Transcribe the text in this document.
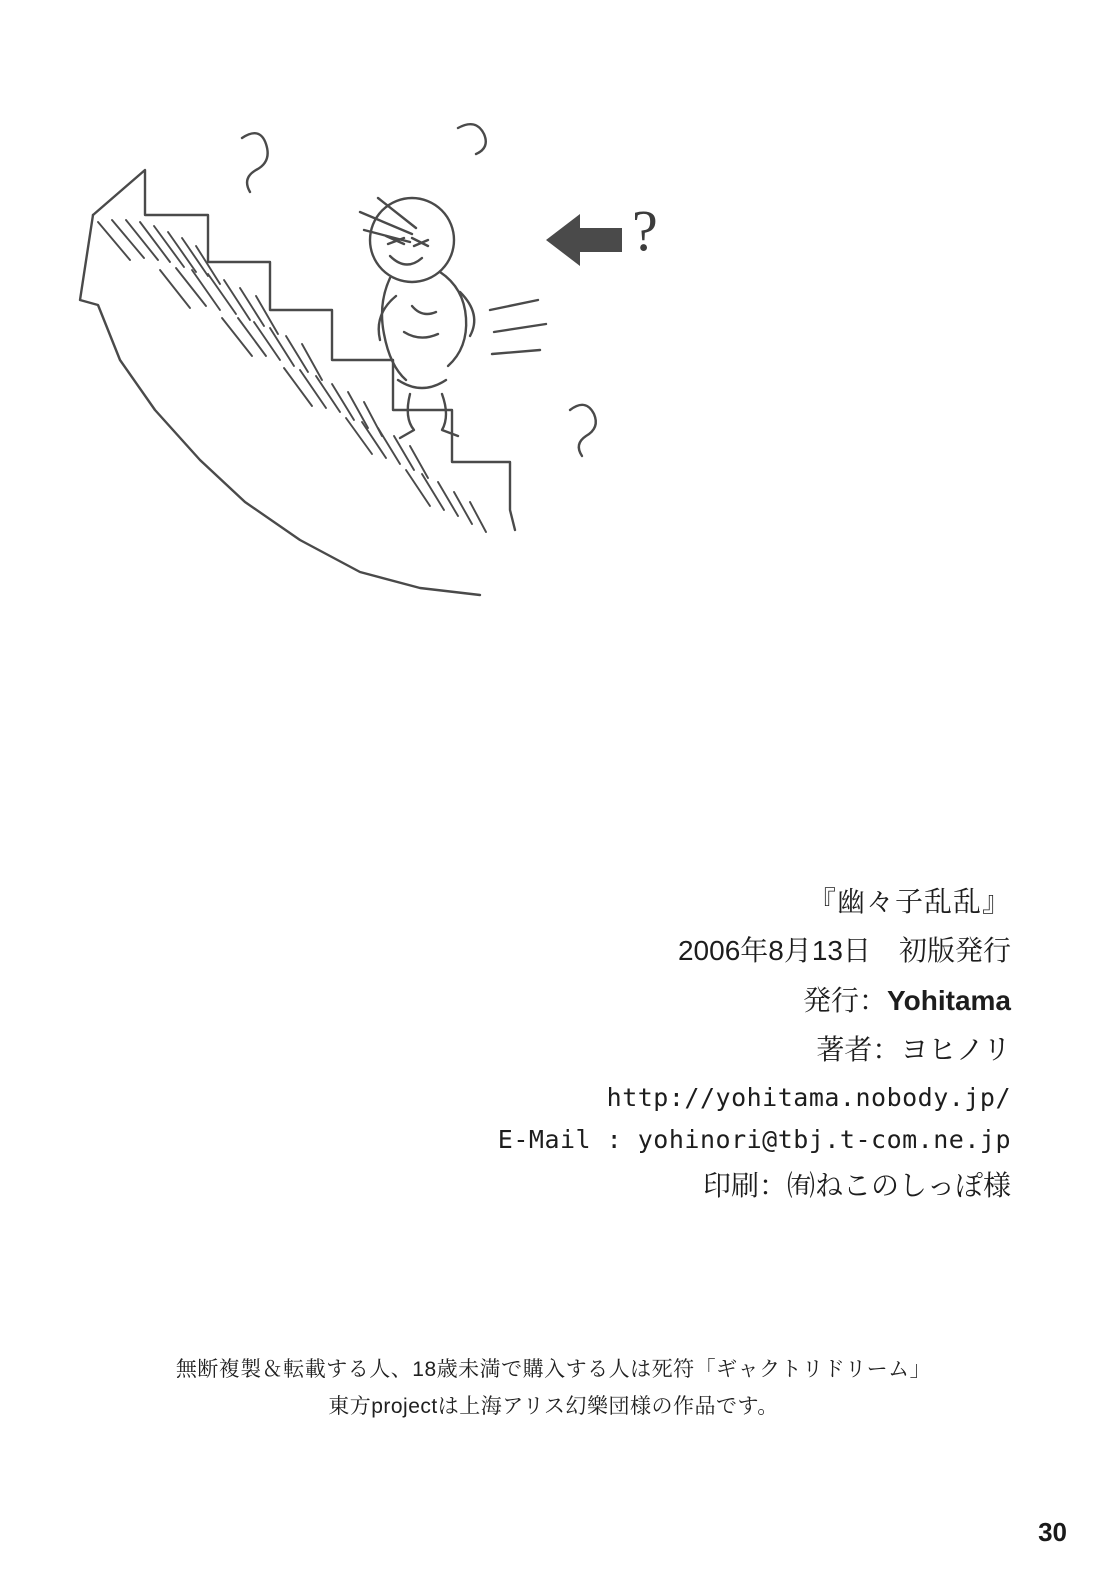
?
『幽々子乱乱』
2006年8月13日　初版発行
発行：Yohitama
著者：ヨヒノリ
http://yohitama.nobody.jp/
E-Mail : yohinori@tbj.t-com.ne.jp
印刷：㈲ねこのしっぽ様
無断複製＆転載する人、18歳未満で購入する人は死符「ギャクトリドリーム」
東方projectは上海アリス幻樂団様の作品です。
30
